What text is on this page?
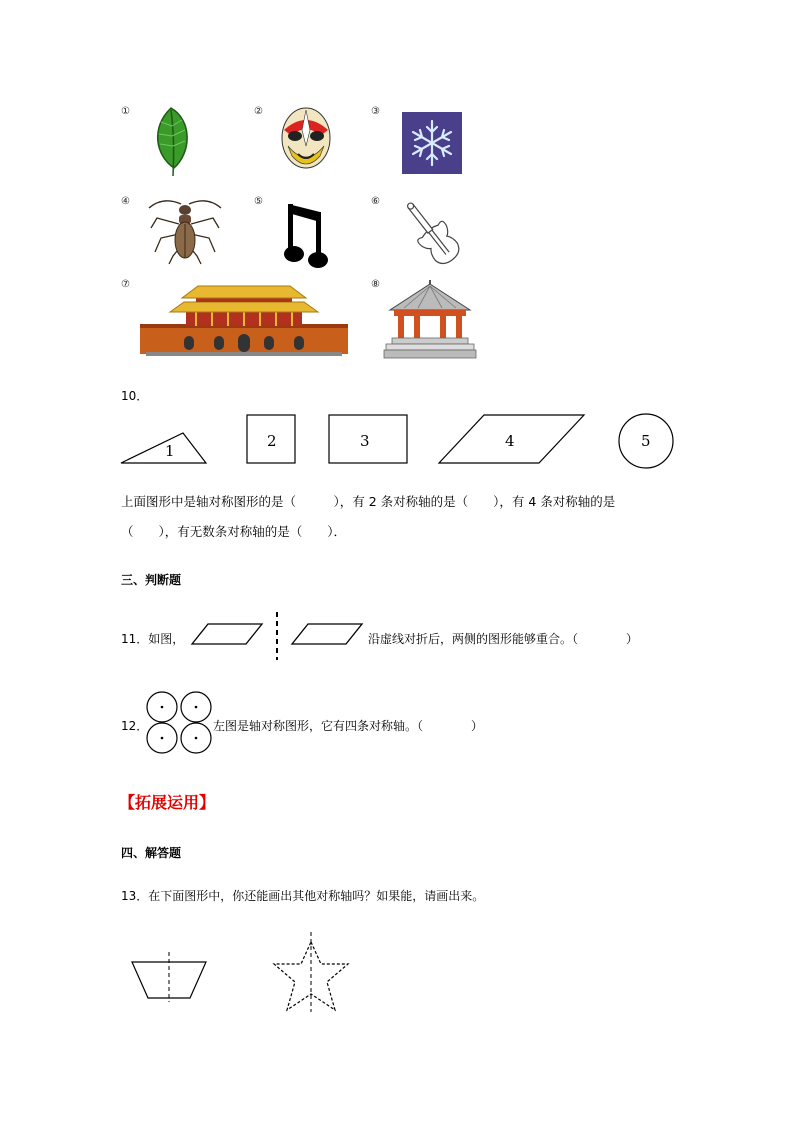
①	②	③
④	⑤	⑥
⑦	⑧
10．
1
2	3	4	5
上面图形中是轴对称图形的是（　　　），有 2 条对称轴的是（　　），有 4 条对称轴的是
（　　），有无数条对称轴的是（　　）．
三、判断题
11．如图，	沿虚线对折后，两侧的图形能够重合。（　　　　）
12．	左图是轴对称图形，它有四条对称轴。（　　　　）
【拓展运用】
四、解答题
13．在下面图形中，你还能画出其他对称轴吗？如果能，请画出来。
